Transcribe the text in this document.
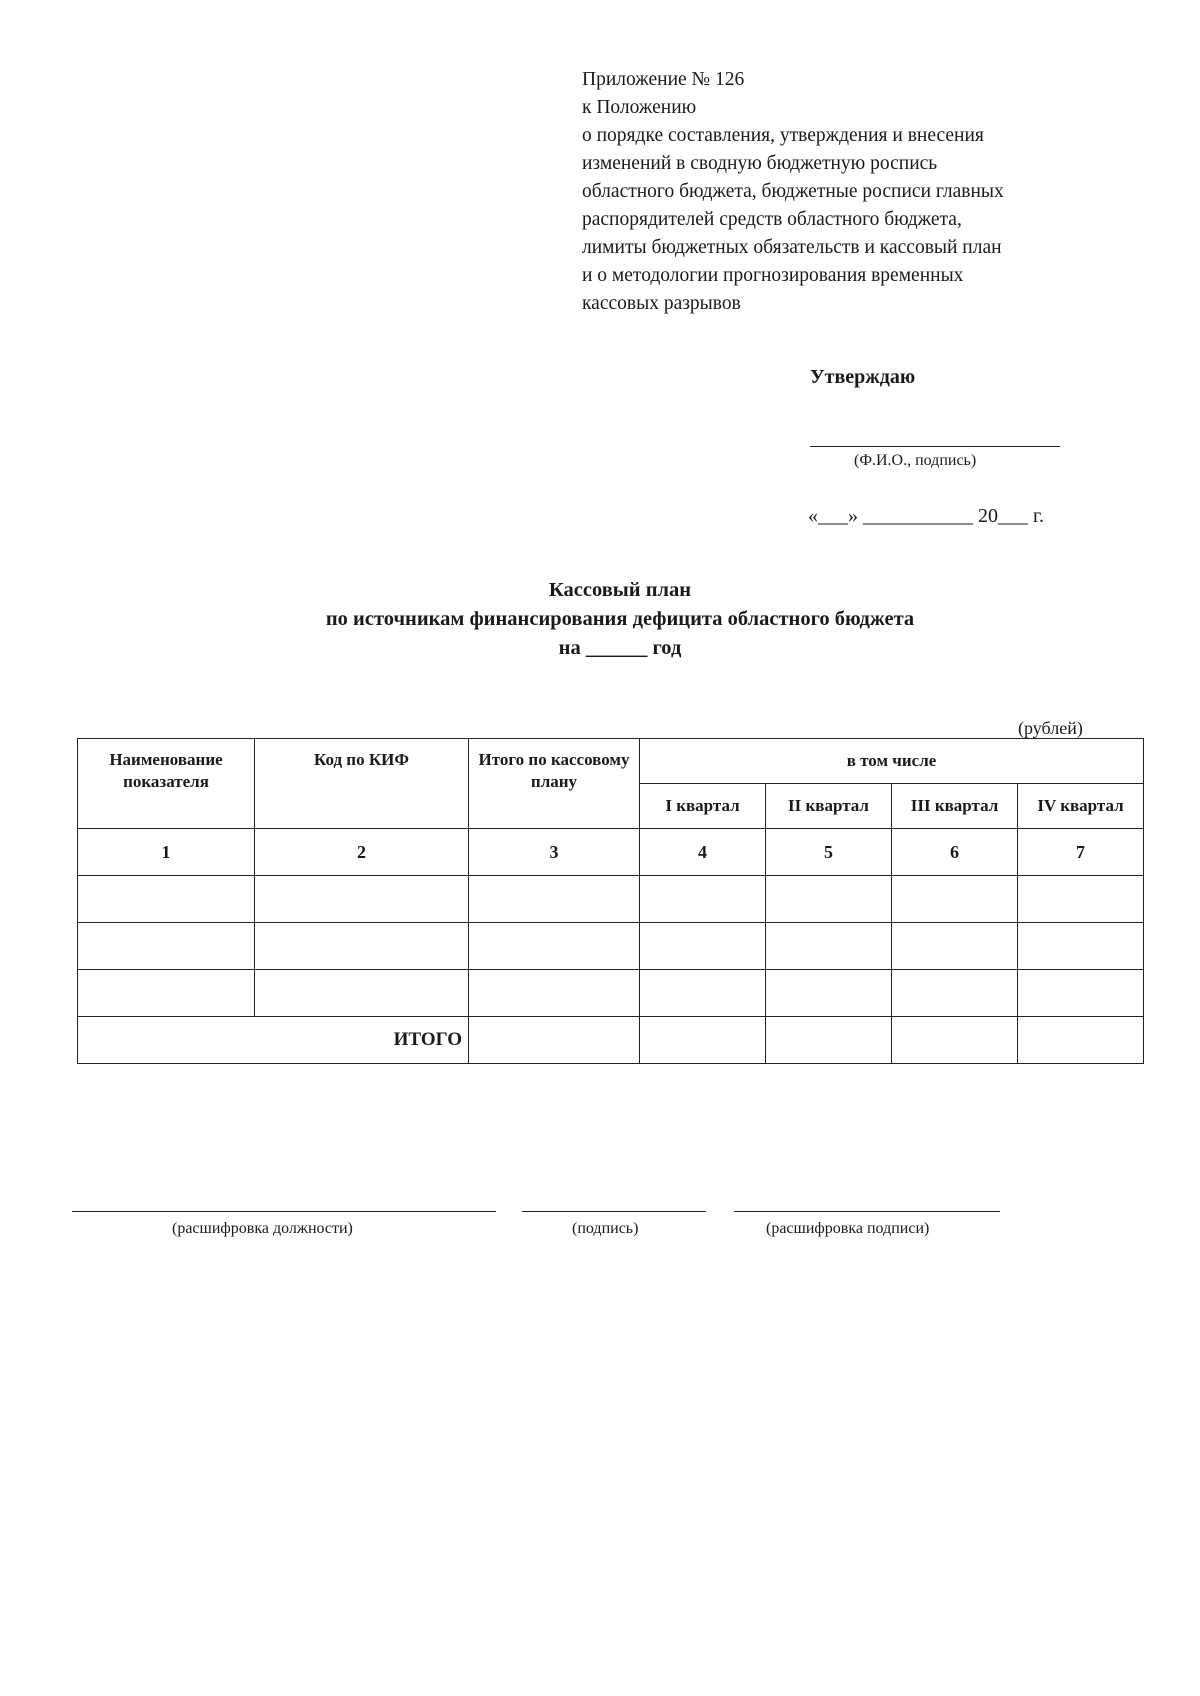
Приложение № 126
к Положению
о порядке составления, утверждения и внесения
изменений в сводную бюджетную роспись
областного бюджета, бюджетные росписи главных
распорядителей средств областного бюджета,
лимиты бюджетных обязательств и кассовый план
и о методологии прогнозирования временных
кассовых разрывов
Утверждаю
(Ф.И.О., подпись)
«___» ___________ 20___ г.
Кассовый план
по источникам финансирования дефицита областного бюджета
на ______ год
(рублей)
Наименование показателя	Код по КИФ	Итого по кассовому плану	в том числе			
			I квартал	II квартал	III квартал	IV квартал
1	2	3	4	5	6	7

ИТОГО						
(расшифровка должности)	(подпись)	(расшифровка подписи)
